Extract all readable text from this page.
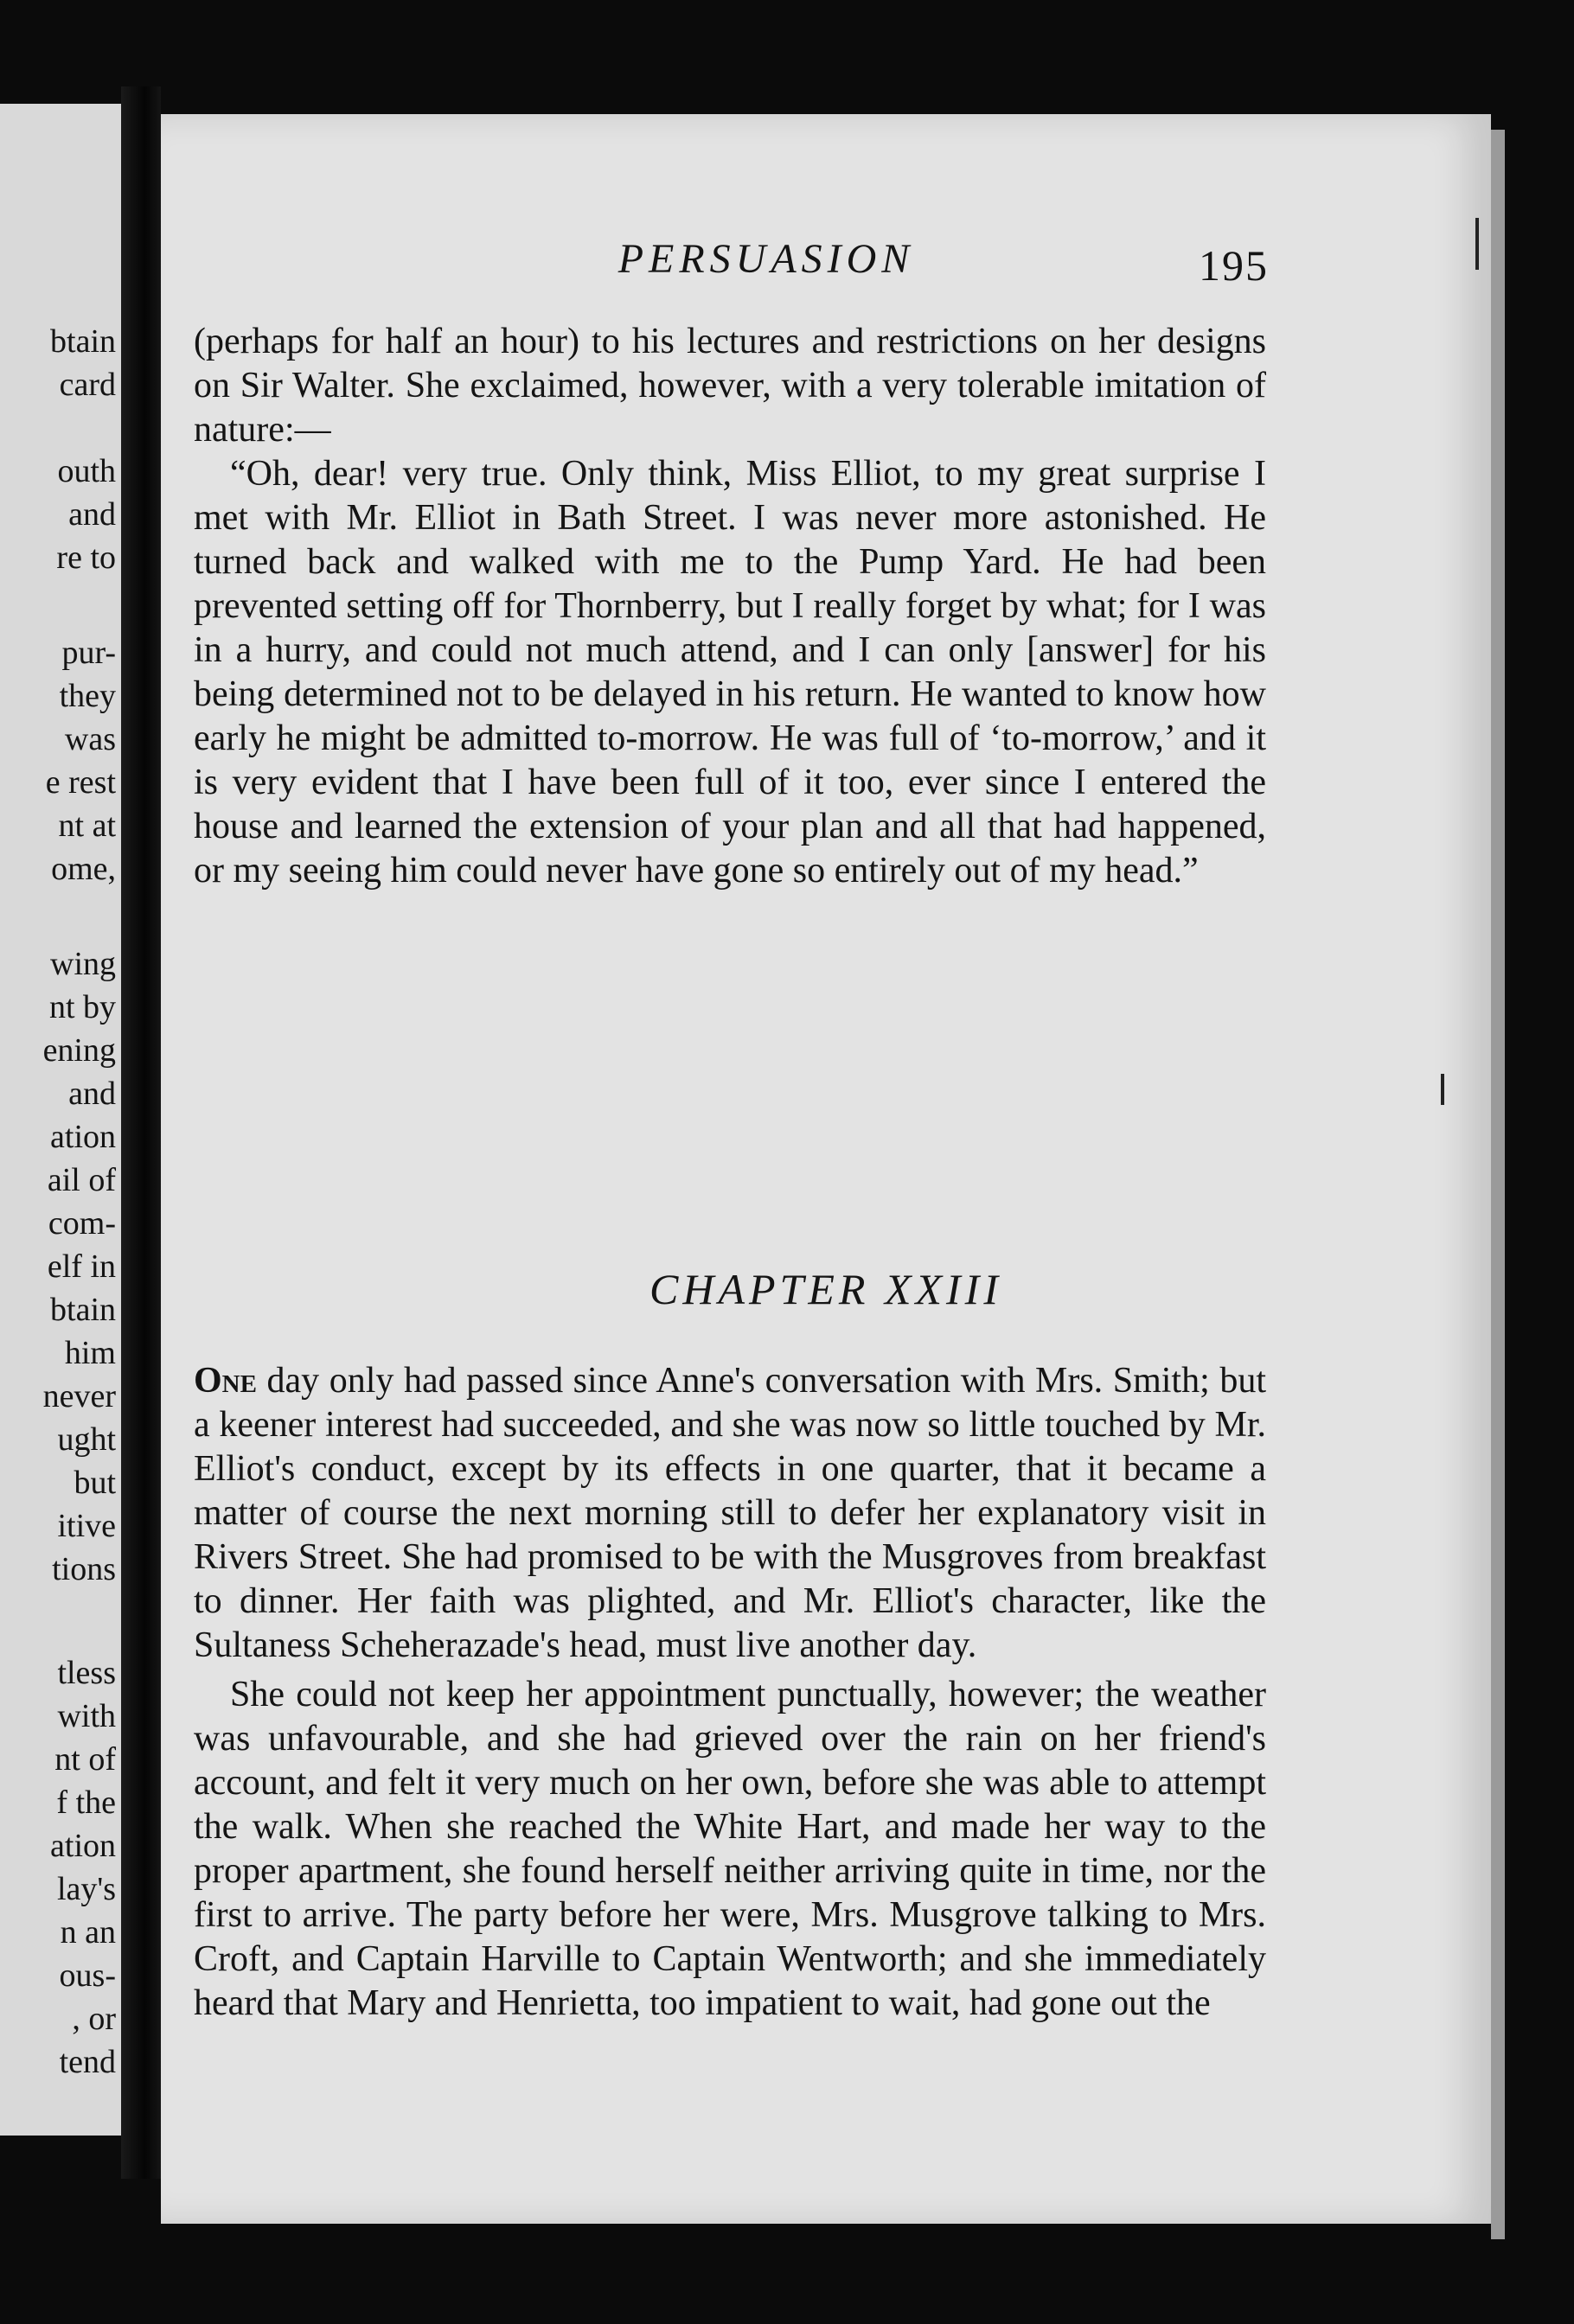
btain
card
outh
and
re to
pur-
they
was
e rest
nt at
ome,
wing
nt by
ening
and
ation
ail of
com-
elf in
btain
him
never
ught
but
itive
tions
tless
with
nt of
f the
ation
lay's
n an
ous-
, or
tend
PERSUASION	195

(perhaps for half an hour) to his lectures and restrictions on her designs on Sir Walter. She exclaimed, however, with a very tolerable imitation of nature:—

“Oh, dear! very true. Only think, Miss Elliot, to my great surprise I met with Mr. Elliot in Bath Street. I was never more astonished. He turned back and walked with me to the Pump Yard. He had been prevented setting off for Thornberry, but I really forget by what; for I was in a hurry, and could not much attend, and I can only [answer] for his being determined not to be delayed in his return. He wanted to know how early he might be admitted to-morrow. He was full of ‘to-morrow,’ and it is very evident that I have been full of it too, ever since I entered the house and learned the extension of your plan and all that had happened, or my seeing him could never have gone so entirely out of my head.”

CHAPTER XXIII

One day only had passed since Anne's conversation with Mrs. Smith; but a keener interest had succeeded, and she was now so little touched by Mr. Elliot's conduct, except by its effects in one quarter, that it became a matter of course the next morning still to defer her explanatory visit in Rivers Street. She had promised to be with the Musgroves from breakfast to dinner. Her faith was plighted, and Mr. Elliot's character, like the Sultaness Scheherazade's head, must live another day.

She could not keep her appointment punctually, however; the weather was unfavourable, and she had grieved over the rain on her friend's account, and felt it very much on her own, before she was able to attempt the walk. When she reached the White Hart, and made her way to the proper apartment, she found herself neither arriving quite in time, nor the first to arrive. The party before her were, Mrs. Musgrove talking to Mrs. Croft, and Captain Harville to Captain Wentworth; and she immediately heard that Mary and Henrietta, too impatient to wait, had gone out the
